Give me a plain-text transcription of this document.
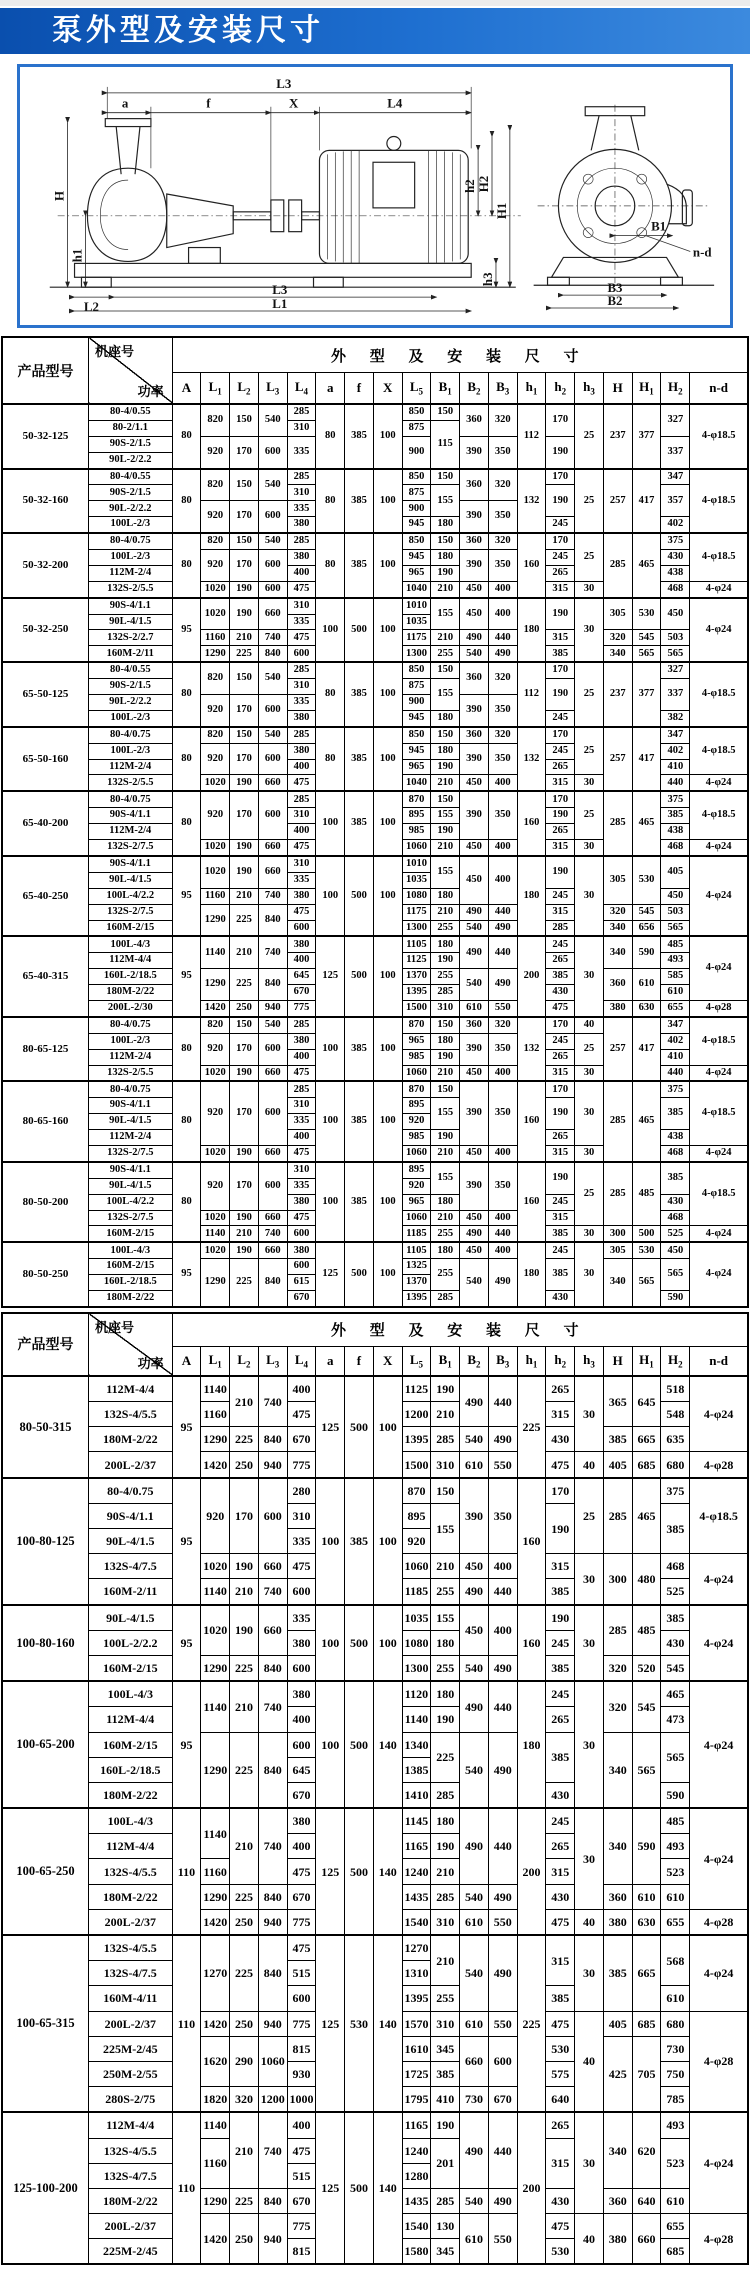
泵外型及安装尺寸
L3
a	f	X	L4
H
h1
h2 H2
H1
h3
L2
L3
L1
B1
n-d
B3
B2
产品型号	机座号
功率	外 型 及 安 装 尺 寸																		
		A	$L_1$	$L_2$	$L_3$	$L_4$	a	f	X	$L_5$	$B_1$	$B_2$	$B_3$	$h_1$	$h_2$	$h_3$	H	$H_1$	$H_2$	n-d
50-32-125	80-4/0.55	80	820	150	540	285	80	385	100	850	150	360	320	112	170	25	237	377	327	4-φ18.5
	80-2/1.1					310				875	115									
	90S-2/1.5		920	170	600	335				900		390	350		190				337	
	90L-2/2.2																			
50-32-160	80-4/0.55	80	820	150	540	285	80	385	100	850	150	360	320	132	170	25	257	417	347	4-φ18.5
	90S-2/1.5					310				875	155				190				357	
	90L-2/2.2		920	170	600	335				900		390	350							
	100L-2/3					380				945	180				245				402	
50-32-200	80-4/0.75	80	820	150	540	285	80	385	100	850	150	360	320	160	170	25	285	465	375	4-φ18.5
	100L-2/3		920	170	600	380				945	180	390	350		245				430	
	112M-2/4					400				965	190				265				438	
	132S-2/5.5		1020	190	600	475				1040	210	450	400		315	30			468	4-φ24
50-32-250	90S-4/1.1	95	1020	190	660	310	100	500	100	1010	155	450	400	180	190	30	305	530	450	4-φ24
	90L-4/1.5					335				1035										
	132S-2/2.7		1160	210	740	475				1175	210	490	440		315		320	545	503	
	160M-2/11		1290	225	840	600				1300	255	540	490		385		340	565	565	
65-50-125	80-4/0.55	80	820	150	540	285	80	385	100	850	150	360	320	112	170	25	237	377	327	4-φ18.5
	90S-2/1.5					310				875	155				190				337	
	90L-2/2.2		920	170	600	335				900		390	350							
	100L-2/3					380				945	180				245				382	
65-50-160	80-4/0.75	80	820	150	540	285	80	385	100	850	150	360	320	132	170	25	257	417	347	4-φ18.5
	100L-2/3		920	170	600	380				945	180	390	350		245				402	
	112M-2/4					400				965	190				265				410	
	132S-2/5.5		1020	190	660	475				1040	210	450	400		315	30			440	4-φ24
65-40-200	80-4/0.75	80	920	170	600	285	100	385	100	870	150	390	350	160	170	25	285	465	375	4-φ18.5
	90S-4/1.1					310				895	155				190				385	
	112M-2/4					400				985	190				265				438	
	132S-2/7.5		1020	190	660	475				1060	210	450	400		315	30			468	4-φ24
65-40-250	90S-4/1.1	95	1020	190	660	310	100	500	100	1010	155	450	400	180	190	30	305	530	405	4-φ24
	90L-4/1.5					335				1035										
	100L-4/2.2		1160	210	740	380				1080	180				245				450	
	132S-2/7.5		1290	225	840	475				1175	210	490	440		315		320	545	503	
	160M-2/15					600				1300	255	540	490		285		340	656	565	
65-40-315	100L-4/3	95	1140	210	740	380	125	500	100	1105	180	490	440	200	245	30	340	590	485	4-φ24
	112M-4/4					400				1125	190				265				493	
	160L-2/18.5		1290	225	840	645				1370	255	540	490		385		360	610	585	
	180M-2/22					670				1395	285				430				610	
	200L-2/30		1420	250	940	775				1500	310	610	550		475		380	630	655	4-φ28
80-65-125	80-4/0.75	80	820	150	540	285	100	385	100	870	150	360	320	132	170	40	257	417	347	4-φ18.5
	100L-2/3		920	170	600	380				965	180	390	350		245	25			402	
	112M-2/4					400				985	190				265				410	
	132S-2/5.5		1020	190	660	475				1060	210	450	400		315	30			440	4-φ24
80-65-160	80-4/0.75	80	920	170	600	285	100	385	100	870	150	390	350	160	170	30	285	465	375	4-φ18.5
	90S-4/1.1					310				895	155				190				385	
	90L-4/1.5					335				920										
	112M-2/4					400				985	190				265				438	
	132S-2/7.5		1020	190	660	475				1060	210	450	400		315	30			468	4-φ24
80-50-200	90S-4/1.1	80	920	170	600	310	100	385	100	895	155	390	350	160	190	25	285	485	385	4-φ18.5
	90L-4/1.5					335				920										
	100L-4/2.2					380				965	180				245				430	
	132S-2/7.5		1020	190	660	475				1060	210	450	400		315				468	
	160M-2/15		1140	210	740	600				1185	255	490	440		385	30	300	500	525	4-φ24
80-50-250	100L-4/3	95	1020	190	660	380	125	500	100	1105	180	450	400	180	245	30	305	530	450	4-φ24
	160M-2/15		1290	225	840	600				1325	255	540	490		385		340	565	565	
	160L-2/18.5					615				1370										
	180M-2/22					670				1395	285				430				590	
产品型号	机座号
功率	外 型 及 安 装 尺 寸																		
		A	$L_1$	$L_2$	$L_3$	$L_4$	a	f	X	$L_5$	$B_1$	$B_2$	$B_3$	$h_1$	$h_2$	$h_3$	H	$H_1$	$H_2$	n-d
80-50-315	112M-4/4	95	1140	210	740	400	125	500	100	1125	190	490	440	225	265	30	365	645	518	4-φ24
	132S-4/5.5		1160			475				1200	210				315				548	
	180M-2/22		1290	225	840	670				1395	285	540	490		430		385	665	635	
	200L-2/37		1420	250	940	775				1500	310	610	550		475	40	405	685	680	4-φ28
100-80-125	80-4/0.75	95	920	170	600	280	100	385	100	870	150	390	350	160	170	25	285	465	375	4-φ18.5
	90S-4/1.1					310				895	155				190				385	
	90L-4/1.5					335				920										
	132S-4/7.5		1020	190	660	475				1060	210	450	400		315	30	300	480	468	4-φ24
	160M-2/11		1140	210	740	600				1185	255	490	440		385				525	
100-80-160	90L-4/1.5	95	1020	190	660	335	100	500	100	1035	155	450	400	160	190	30	285	485	385	4-φ24
	100L-2/2.2					380				1080	180				245				430	
	160M-2/15		1290	225	840	600				1300	255	540	490		385		320	520	545	
100-65-200	100L-4/3	95	1140	210	740	380	100	500	140	1120	180	490	440	180	245	30	320	545	465	4-φ24
	112M-4/4					400				1140	190				265				473	
	160M-2/15		1290	225	840	600				1340	225	540	490		385		340	565	565	
	160L-2/18.5					645				1385										
	180M-2/22					670				1410	285				430				590	
100-65-250	100L-4/3	110	1140	210	740	380	125	500	140	1145	180	490	440	200	245	30	340	590	485	4-φ24
	112M-4/4					400				1165	190				265				493	
	132S-4/5.5		1160			475				1240	210				315				523	
	180M-2/22		1290	225	840	670				1435	285	540	490		430		360	610	610	
	200L-2/37		1420	250	940	775				1540	310	610	550		475	40	380	630	655	4-φ28
100-65-315	132S-4/5.5	110	1270	225	840	475	125	530	140	1270	210	540	490	225	315	30	385	665	568	4-φ24
	132S-4/7.5					515				1310										
	160M-4/11					600				1395	255				385				610	
	200L-2/37		1420	250	940	775				1570	310	610	550		475	40	405	685	680	4-φ28
	225M-2/45		1620	290	1060	815				1610	345	660	600		530		425	705	730	
	250M-2/55					930				1725	385				575				750	
	280S-2/75		1820	320	1200	1000				1795	410	730	670		640				785	
125-100-200	112M-4/4	110	1140	210	740	400	125	500	140	1165	190	490	440	200	265	30	340	620	493	4-φ24
	132S-4/5.5		1160			475				1240	201				315				523	
	132S-4/7.5					515				1280										
	180M-2/22		1290	225	840	670				1435	285	540	490		430		360	640	610	
	200L-2/37		1420	250	940	775				1540	130	610	550		475	40	380	660	655	4-φ28
	225M-2/45					815				1580	345				530				685	
